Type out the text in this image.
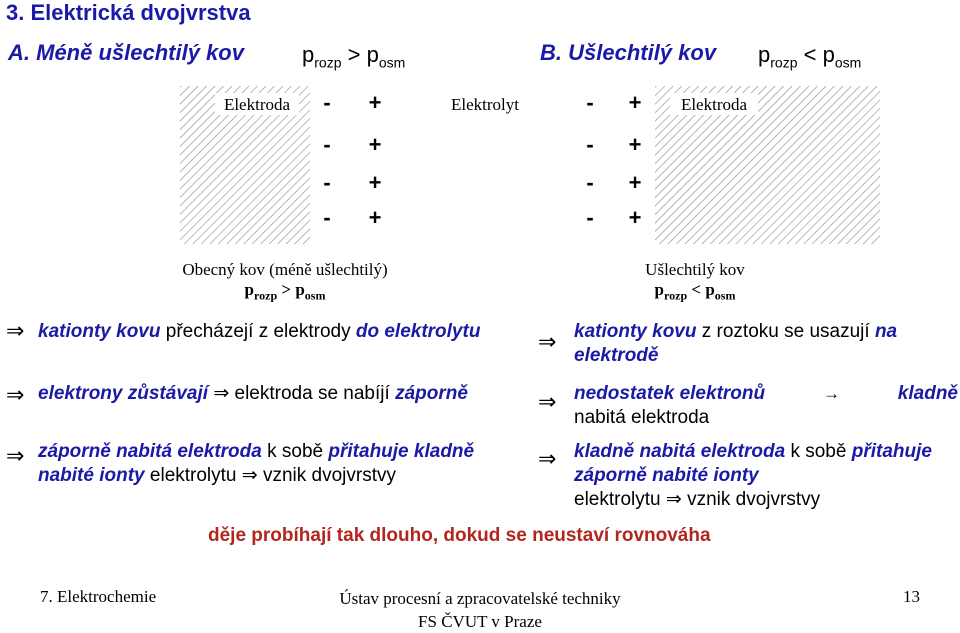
3. Elektrická dvojvrstva
A. Méně ušlechtilý kov	$p_{rozp} > p_{osm}$	B. Ušlechtilý kov $p_{rozp} < p_{osm}$
Elektroda	Elektrolyt	Elektroda
-
-
-
-
+
+
+
+
-
-
-
-
+
+
+
+
Obecný kov (méně ušlechtilý)
$p_{rozp} > p_{osm}$
Ušlechtilý kov
$p_{rozp} < p_{osm}$
⇒ kationty kovu přecházejí z elektrody do elektrolytu
⇒ elektrony zůstávají ⇒ elektroda se nabíjí záporně
⇒ záporně nabitá elektroda k sobě přitahuje kladně nabité ionty elektrolytu ⇒ vznik dvojvrstvy
⇒ kationty kovu z roztoku se usazují na elektrodě
⇒ nedostatek elektronů	→	kladně
nabitá elektroda
⇒ kladně nabitá elektroda k sobě přitahuje záporně nabité ionty
elektrolytu ⇒ vznik dvojvrstvy
děje probíhají tak dlouho, dokud se neustaví rovnováha
7. Elektrochemie	Ústav procesní a zpracovatelské techniky
FS ČVUT v Praze
13
